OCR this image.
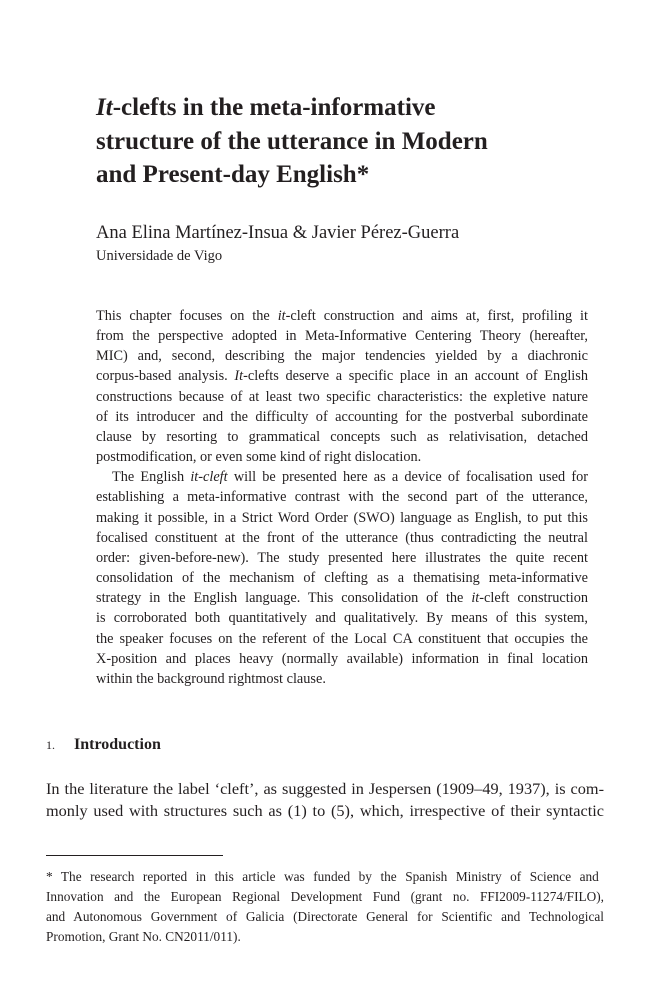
It-clefts in the meta-informative
structure of the utterance in Modern
and Present-day English*

Ana Elina Martínez-Insua & Javier Pérez-Guerra

Universidade de Vigo

This chapter focuses on the it-cleft construction and aims at, first, profiling it
from the perspective adopted in Meta-Informative Centering Theory (hereafter,
MIC) and, second, describing the major tendencies yielded by a diachronic
corpus-based analysis. It-clefts deserve a specific place in an account of English
constructions because of at least two specific characteristics: the expletive nature
of its introducer and the difficulty of accounting for the postverbal subordinate
clause by resorting to grammatical concepts such as relativisation, detached
postmodification, or even some kind of right dislocation.
The English it-cleft will be presented here as a device of focalisation used for
establishing a meta-informative contrast with the second part of the utterance,
making it possible, in a Strict Word Order (SWO) language as English, to put this
focalised constituent at the front of the utterance (thus contradicting the neutral
order: given-before-new). The study presented here illustrates the quite recent
consolidation of the mechanism of clefting as a thematising meta-informative
strategy in the English language. This consolidation of the it-cleft construction
is corroborated both quantitatively and qualitatively. By means of this system,
the speaker focuses on the referent of the Local CA constituent that occupies the
X-position and places heavy (normally available) information in final location
within the background rightmost clause.
1. Introduction
In the literature the label ‘cleft’, as suggested in Jespersen (1909–49, 1937), is com-
monly used with structures such as (1) to (5), which, irrespective of their syntactic
* The research reported in this article was funded by the Spanish Ministry of Science and
Innovation and the European Regional Development Fund (grant no. FFI2009-11274/FILO),
and Autonomous Government of Galicia (Directorate General for Scientific and Technological
Promotion, Grant No. CN2011/011).
